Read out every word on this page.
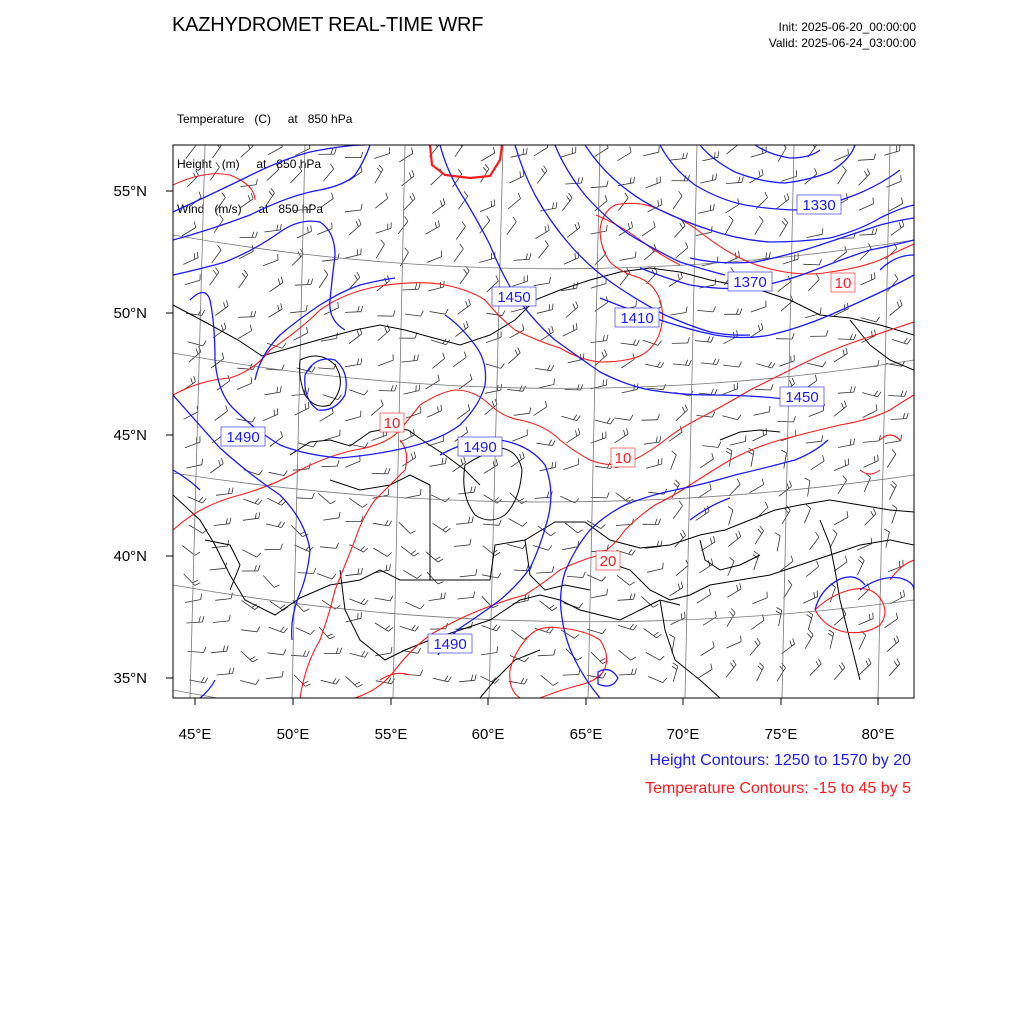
KAZHYDROMET REAL-TIME WRF	Init: 2025-06-20_00:00:00
Valid: 2025-06-24_03:00:00

Temperature   (C)     at   850 hPa

Height   (m)     at   850 hPa

Wind   (m/s)     at   850 hPa	1330
1370
1410
1450
1490
1490
1450
1490
10
10
10
20
55°N
50°N
45°N
40°N
35°N
45°E	50°E	55°E	60°E	65°E	70°E	75°E	80°E
Height Contours: 1250 to 1570 by 20
Temperature Contours: -15 to 45 by 5
